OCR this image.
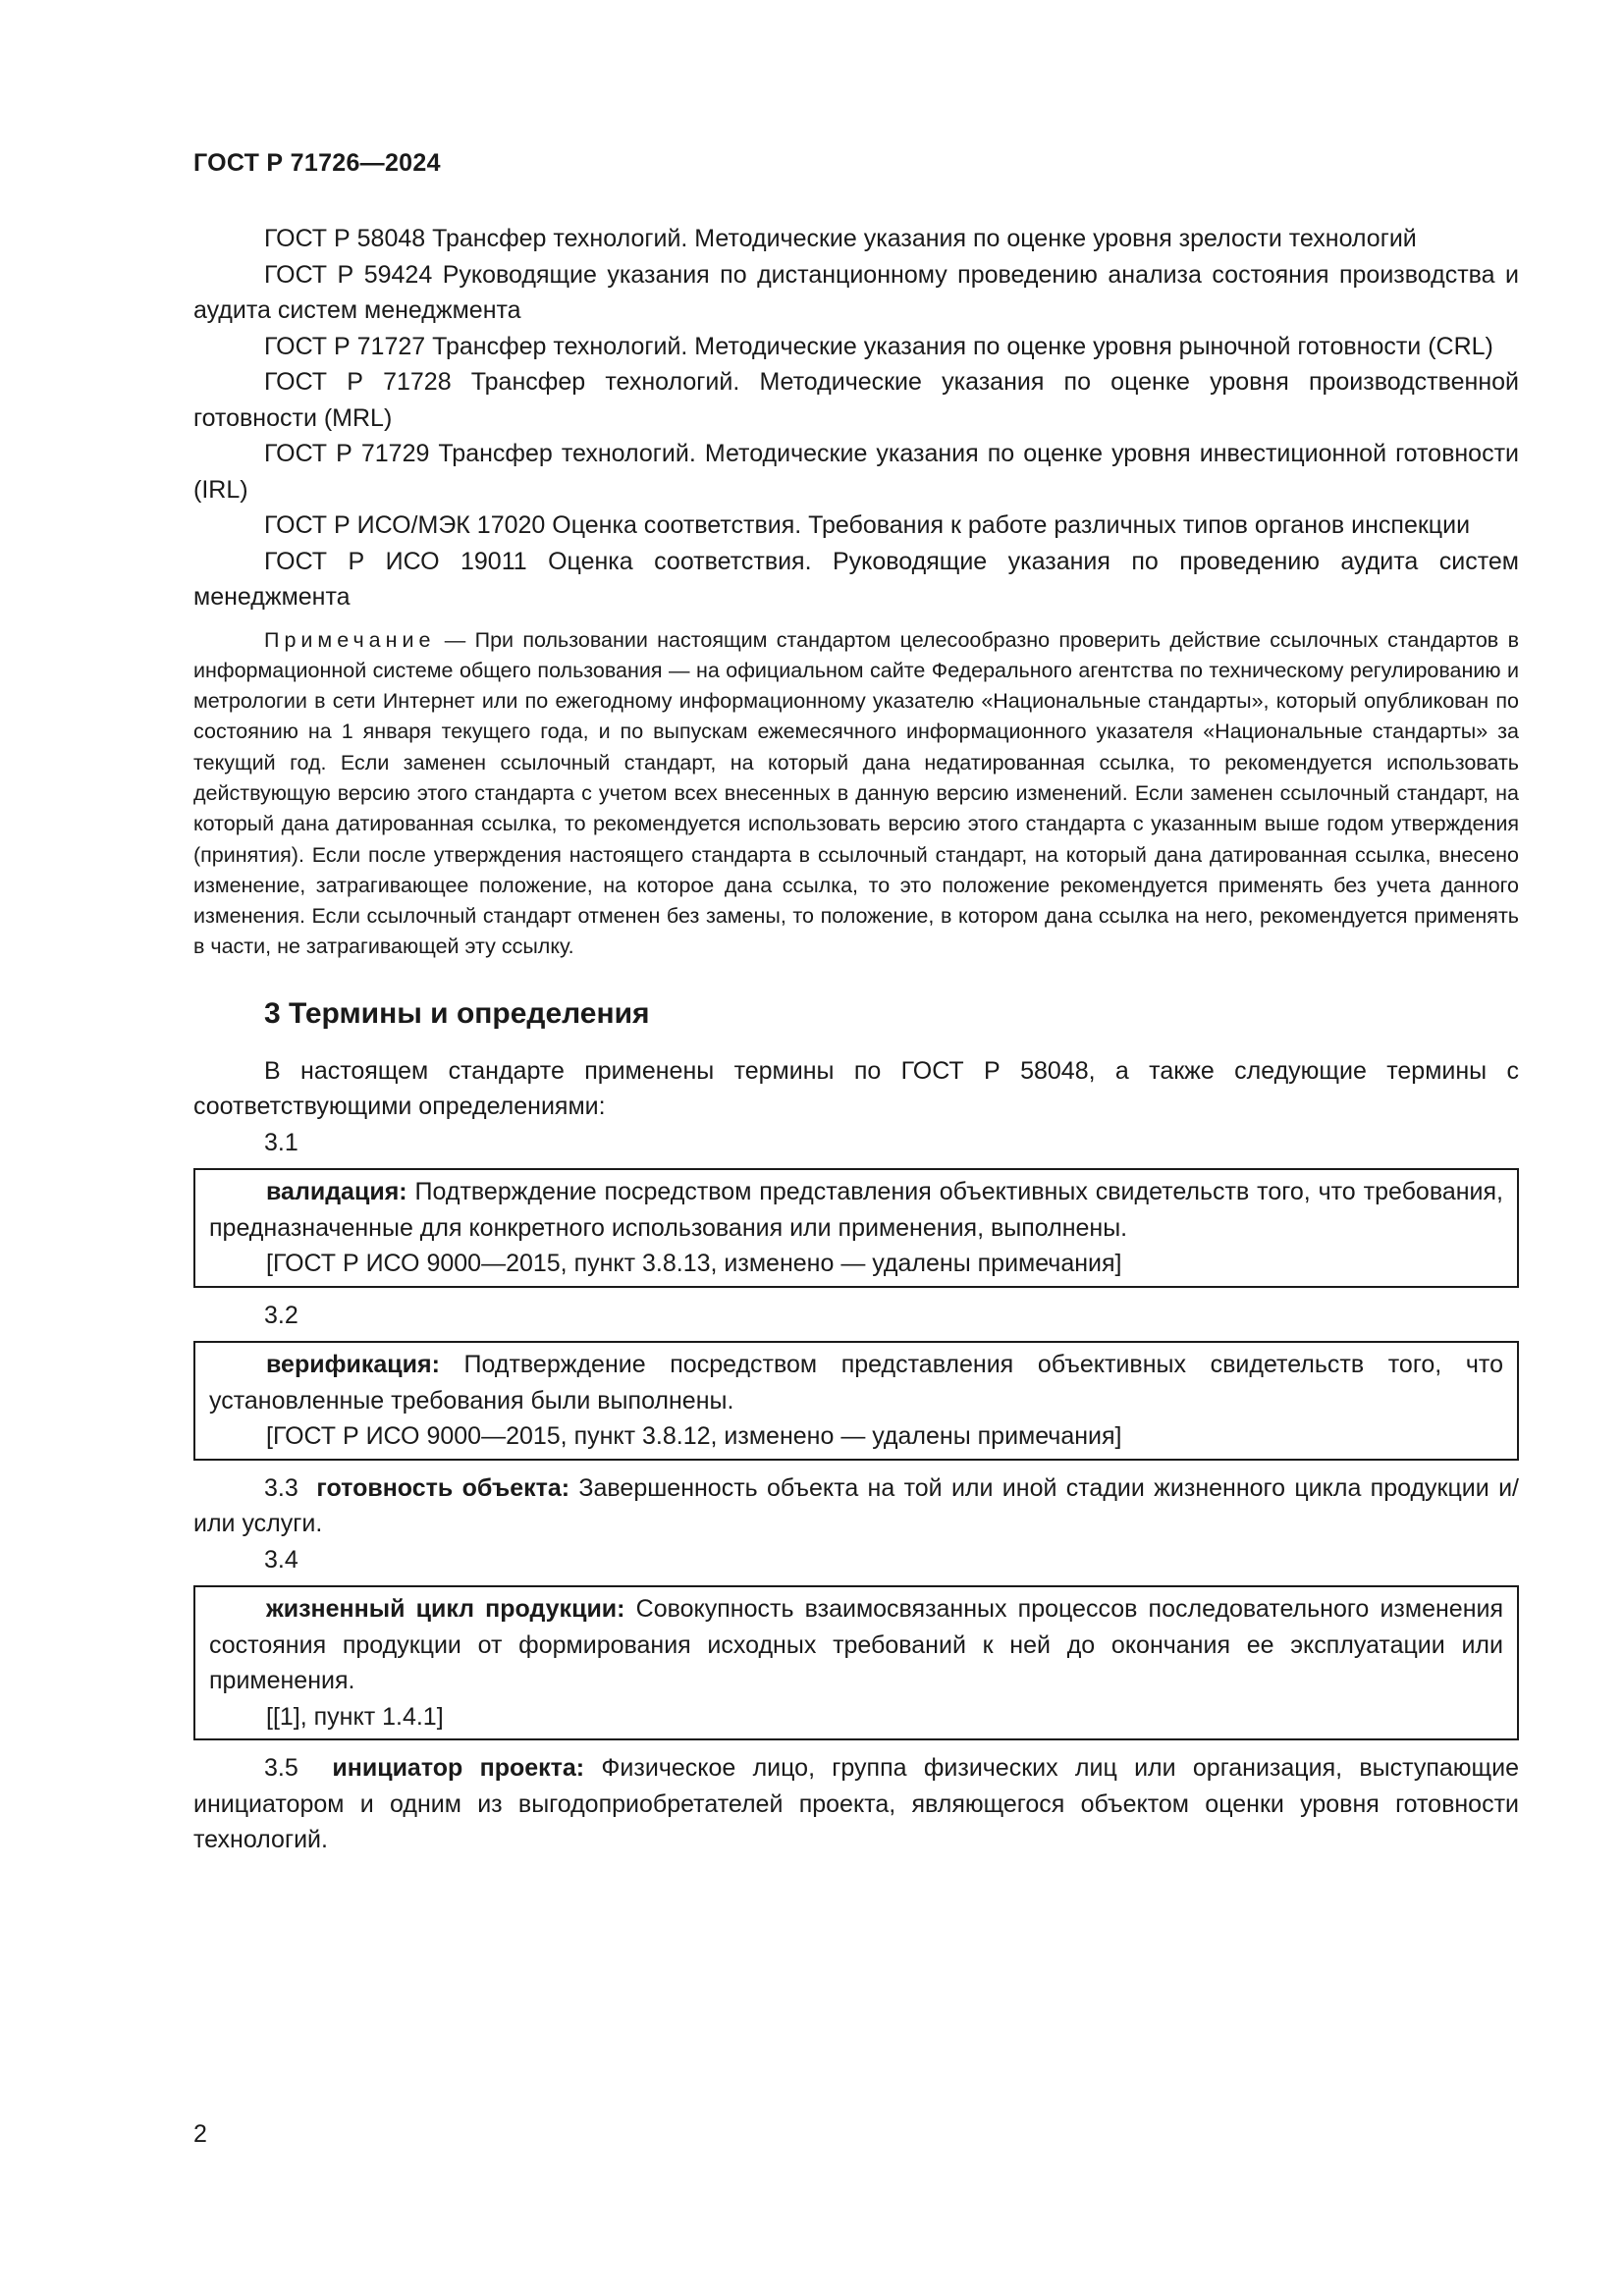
ГОСТ Р 71726—2024

ГОСТ Р 58048 Трансфер технологий. Методические указания по оценке уровня зрелости технологий

ГОСТ Р 59424 Руководящие указания по дистанционному проведению анализа состояния производства и аудита систем менеджмента

ГОСТ Р 71727 Трансфер технологий. Методические указания по оценке уровня рыночной готовности (CRL)

ГОСТ Р 71728 Трансфер технологий. Методические указания по оценке уровня производственной готовности (MRL)

ГОСТ Р 71729 Трансфер технологий. Методические указания по оценке уровня инвестиционной готовности (IRL)

ГОСТ Р ИСО/МЭК 17020 Оценка соответствия. Требования к работе различных типов органов инспекции

ГОСТ Р ИСО 19011 Оценка соответствия. Руководящие указания по проведению аудита систем менеджмента

Примечание — При пользовании настоящим стандартом целесообразно проверить действие ссылочных стандартов в информационной системе общего пользования — на официальном сайте Федерального агентства по техническому регулированию и метрологии в сети Интернет или по ежегодному информационному указателю «Национальные стандарты», который опубликован по состоянию на 1 января текущего года, и по выпускам ежемесячного информационного указателя «Национальные стандарты» за текущий год. Если заменен ссылочный стандарт, на который дана недатированная ссылка, то рекомендуется использовать действующую версию этого стандарта с учетом всех внесенных в данную версию изменений. Если заменен ссылочный стандарт, на который дана датированная ссылка, то рекомендуется использовать версию этого стандарта с указанным выше годом утверждения (принятия). Если после утверждения настоящего стандарта в ссылочный стандарт, на который дана датированная ссылка, внесено изменение, затрагивающее положение, на которое дана ссылка, то это положение рекомендуется применять без учета данного изменения. Если ссылочный стандарт отменен без замены, то положение, в котором дана ссылка на него, рекомендуется применять в части, не затрагивающей эту ссылку.

3 Термины и определения

В настоящем стандарте применены термины по ГОСТ Р 58048, а также следующие термины с соответствующими определениями:

3.1

валидация: Подтверждение посредством представления объективных свидетельств того, что требования, предназначенные для конкретного использования или применения, выполнены.

[ГОСТ Р ИСО 9000—2015, пункт 3.8.13, изменено — удалены примечания]
3.2

верификация: Подтверждение посредством представления объективных свидетельств того, что установленные требования были выполнены.

[ГОСТ Р ИСО 9000—2015, пункт 3.8.12, изменено — удалены примечания]

3.3 готовность объекта: Завершенность объекта на той или иной стадии жизненного цикла продукции и/или услуги.

3.4

жизненный цикл продукции: Совокупность взаимосвязанных процессов последовательного изменения состояния продукции от формирования исходных требований к ней до окончания ее эксплуатации или применения.

[[1], пункт 1.4.1]

3.5 инициатор проекта: Физическое лицо, группа физических лиц или организация, выступающие инициатором и одним из выгодоприобретателей проекта, являющегося объектом оценки уровня готовности технологий.

2
